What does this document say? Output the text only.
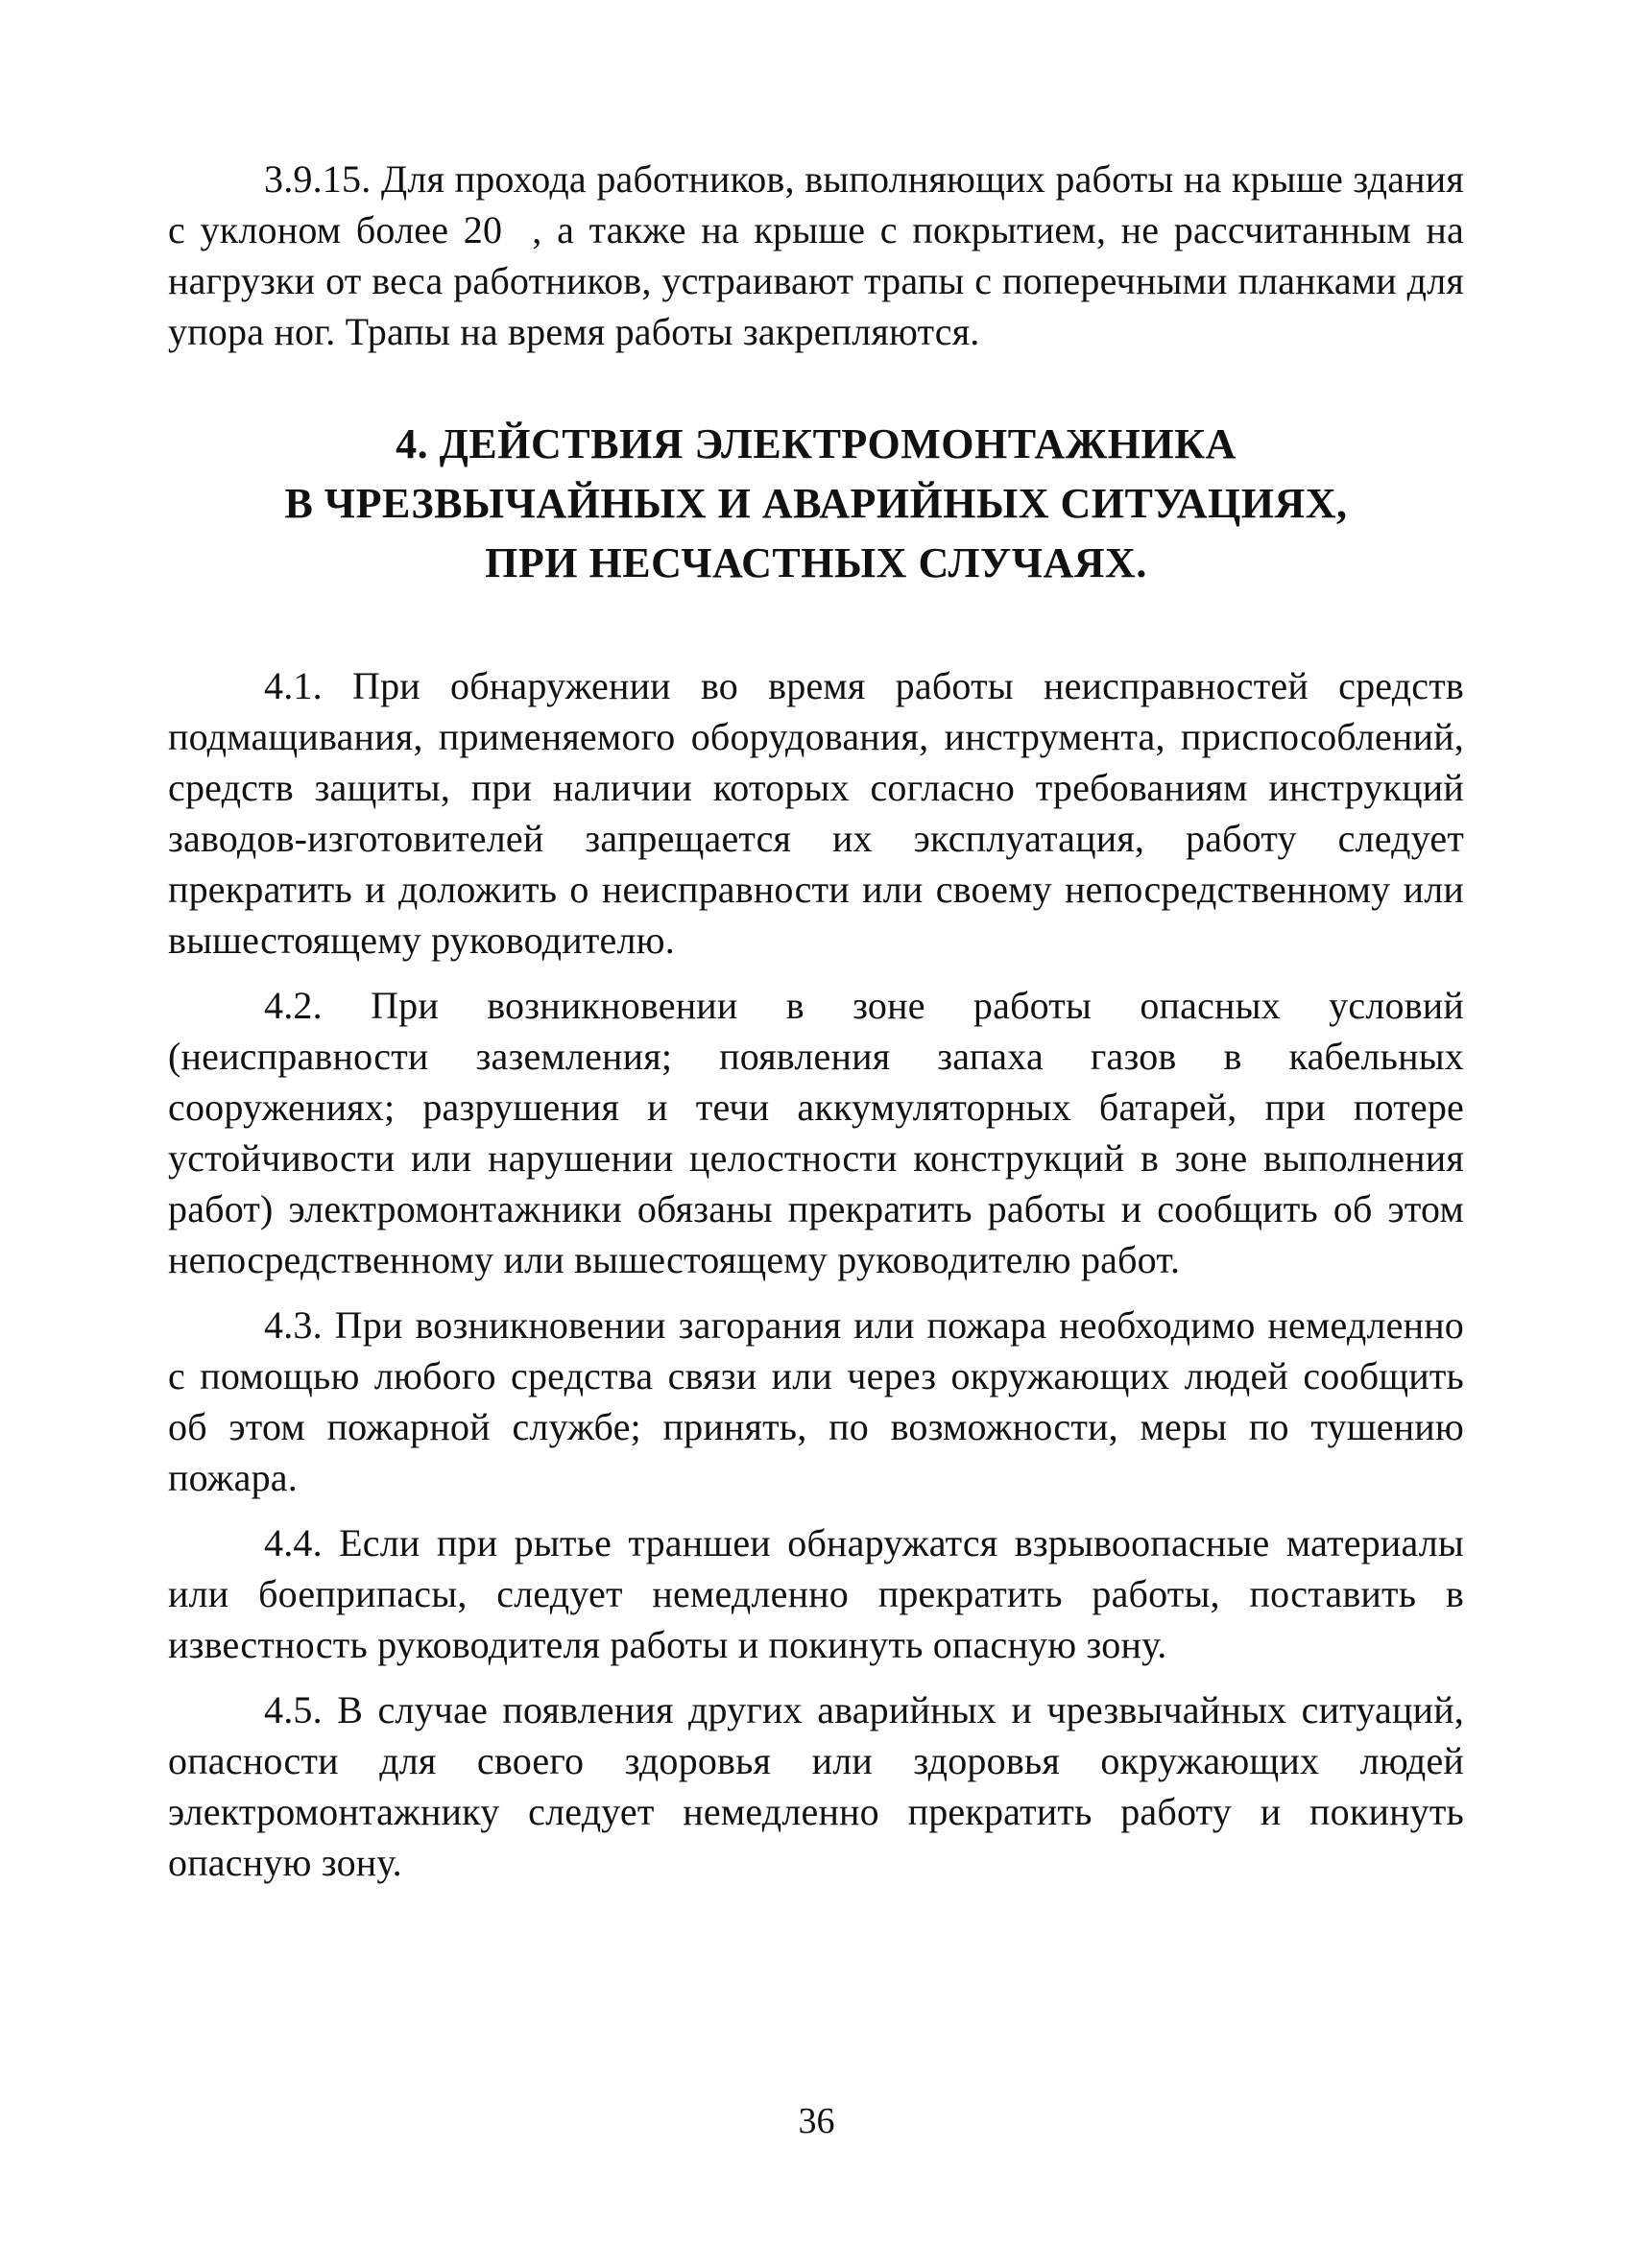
3.9.15. Для прохода работников, выполняющих работы на крыше здания с уклоном более 20  , а также на крыше с покрытием, не рассчитанным на нагрузки от веса работников, устраивают трапы с поперечными планками для упора ног. Трапы на время работы закрепляются.

4. ДЕЙСТВИЯ ЭЛЕКТРОМОНТАЖНИКА
В ЧРЕЗВЫЧАЙНЫХ И АВАРИЙНЫХ СИТУАЦИЯХ,
ПРИ НЕСЧАСТНЫХ СЛУЧАЯХ.

4.1. При обнаружении во время работы неисправностей средств подмащивания, применяемого оборудования, инструмента, приспособлений, средств защиты, при наличии которых согласно требованиям инструкций заводов-изготовителей запрещается их эксплуатация, работу следует прекратить и доложить о неисправности или своему непосредственному или вышестоящему руководителю.

4.2. При возникновении в зоне работы опасных условий (неисправности заземления; появления запаха газов в кабельных сооружениях; разрушения и течи аккумуляторных батарей, при потере устойчивости или нарушении целостности конструкций в зоне выполнения работ) электромонтажники обязаны прекратить работы и сообщить об этом непосредственному или вышестоящему руководителю работ.

4.3. При возникновении загорания или пожара необходимо немедленно с помощью любого средства связи или через окружающих людей сообщить об этом пожарной службе; принять, по возможности, меры по тушению пожара.

4.4. Если при рытье траншеи обнаружатся взрывоопасные материалы или боеприпасы, следует немедленно прекратить работы, поставить в известность руководителя работы и покинуть опасную зону.

4.5. В случае появления других аварийных и чрезвычайных ситуаций, опасности для своего здоровья или здоровья окружающих людей электромонтажнику следует немедленно прекратить работу и покинуть опасную зону.

36
